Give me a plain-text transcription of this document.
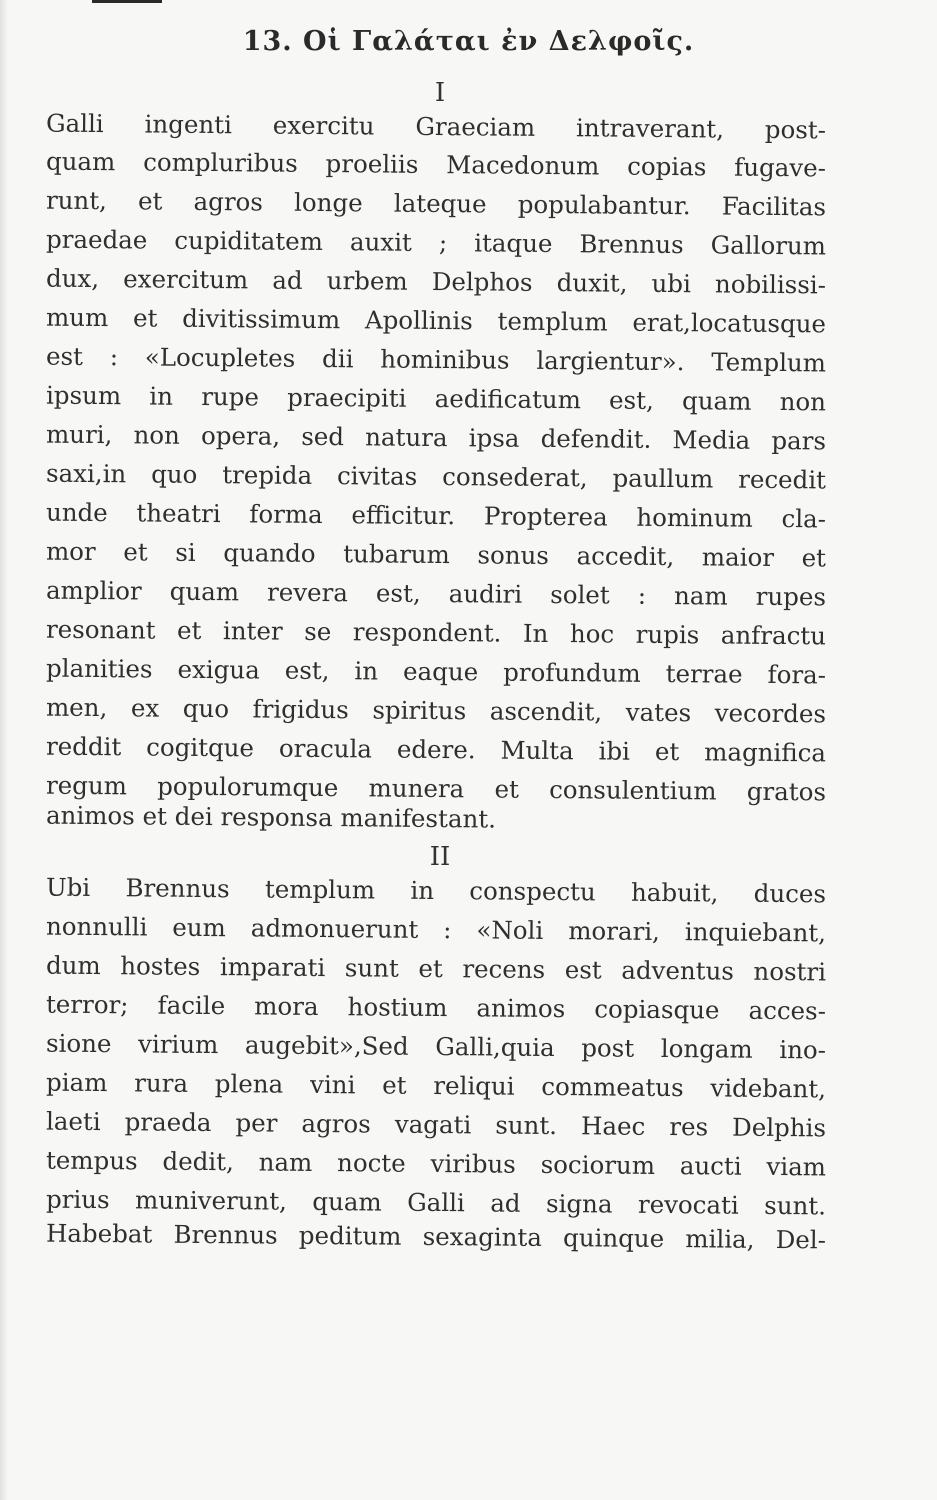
13. Οἱ Γαλάται ἐν Δελφοῖς.
I
Galli ingenti exercitu Graeciam intraverant, post-
quam compluribus proeliis Macedonum copias fugave-
runt, et agros longe lateque populabantur. Facilitas
praedae cupiditatem auxit ; itaque Brennus Gallorum
dux, exercitum ad urbem Delphos duxit, ubi nobilissi-
mum et divitissimum Apollinis templum erat,locatusque
est : «Locupletes dii hominibus largientur». Templum
ipsum in rupe praecipiti aedificatum est, quam non
muri, non opera, sed natura ipsa defendit. Media pars
saxi,in quo trepida civitas consederat, paullum recedit
unde theatri forma efficitur. Propterea hominum cla-
mor et si quando tubarum sonus accedit, maior et
amplior quam revera est, audiri solet : nam rupes
resonant et inter se respondent. In hoc rupis anfractu
planities exigua est, in eaque profundum terrae fora-
men, ex quo frigidus spiritus ascendit, vates vecordes
reddit cogitque oracula edere. Multa ibi et magnifica
regum populorumque munera et consulentium gratos
animos et dei responsa manifestant.
II
Ubi Brennus templum in conspectu habuit, duces
nonnulli eum admonuerunt : «Noli morari, inquiebant,
dum hostes imparati sunt et recens est adventus nostri
terror; facile mora hostium animos copiasque acces-
sione virium augebit»,Sed Galli,quia post longam ino-
piam rura plena vini et reliqui commeatus videbant,
laeti praeda per agros vagati sunt. Haec res Delphis
tempus dedit, nam nocte viribus sociorum aucti viam
prius muniverunt, quam Galli ad signa revocati sunt.
Habebat Brennus peditum sexaginta quinque milia, Del-
